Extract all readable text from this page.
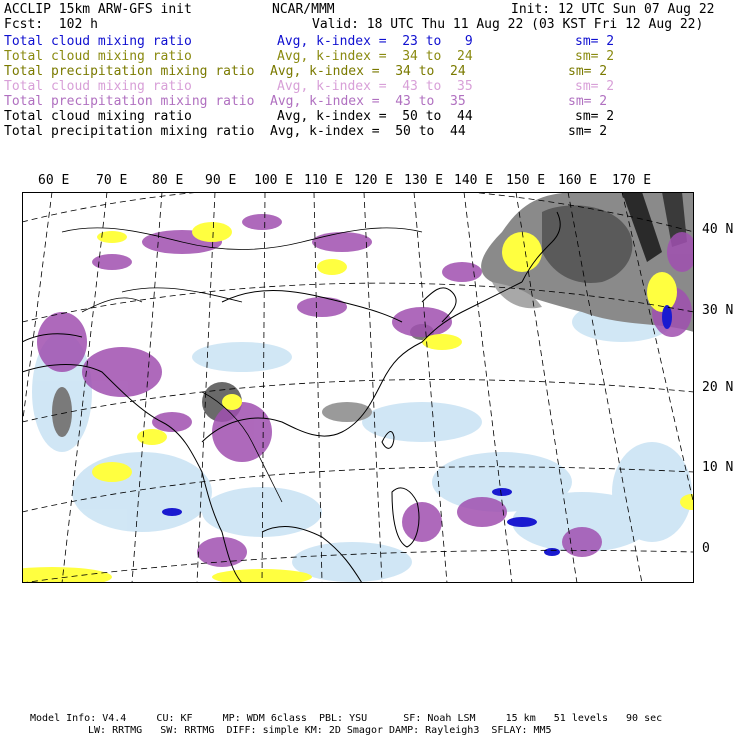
ACCLIP 15km ARW-GFS init	NCAR/MMM	Init: 12 UTC Sun 07 Aug 22
Fcst:  102 h	Valid: 18 UTC Thu 11 Aug 22 (03 KST Fri 12 Aug 22)
Total cloud mixing ratio	Avg, k-index =  23 to   9	sm= 2
Total cloud mixing ratio	Avg, k-index =  34 to  24	sm= 2
Total precipitation mixing ratio Avg, k-index =  34 to  24	sm= 2
Total cloud mixing ratio	Avg, k-index =  43 to  35	sm= 2
Total precipitation mixing ratio Avg, k-index =  43 to  35	sm= 2
Total cloud mixing ratio	Avg, k-index =  50 to  44	sm= 2
Total precipitation mixing ratio Avg, k-index =  50 to  44	sm= 2
60 E 70 E 80 E 90 E 100 E 110 E 120 E 130 E 140 E 150 E 160 E 170 E
40 N
30 N
20 N
10 N
0
Model Info: V4.4     CU: KF     MP: WDM 6class  PBL: YSU      SF: Noah LSM     15 km   51 levels   90 sec
LW: RRTMG   SW: RRTMG  DIFF: simple KM: 2D Smagor DAMP: Rayleigh3  SFLAY: MM5
